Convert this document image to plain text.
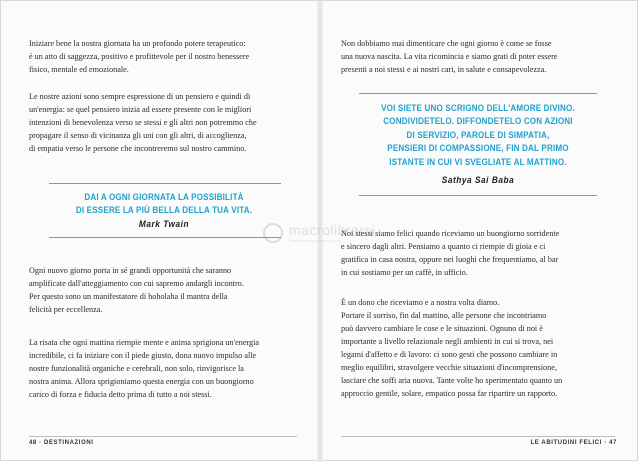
Iniziare bene la nostra giornata ha un profondo potere terapeutico:

è un atto di saggezza, positivo e profittevole per il nostro benessere

fisico, mentale ed emozionale.

Le nostre azioni sono sempre espressione di un pensiero e quindi di

un'energia: se quel pensiero inizia ad essere presente con le migliori

intenzioni di benevolenza verso se stessi e gli altri non potremmo che

propagare il senso di vicinanza gli uni con gli altri, di accoglienza,

di empatia verso le persone che incontreremo sul nostro cammino.

DAI A OGNI GIORNATA LA POSSIBILITÀ
DI ESSERE LA PIÙ BELLA DELLA TUA VITA.
Mark Twain

Ogni nuovo giorno porta in sé grandi opportunità che saranno

amplificate dall'atteggiamento con cui sapremo andargli incontro.

Per questo sono un manifestatore di hoholaha il mantra della

felicità per eccellenza.

La risata che ogni mattina riempie mente e anima sprigiona un'energia

incredibile, ci fa iniziare con il piede giusto, dona nuovo impulso alle

nostre funzionalità organiche e cerebrali, non solo, rinvigorisce la

nostra anima. Allora sprigioniamo questa energia con un buongiorno

carico di forza e fiducia detto prima di tutto a noi stessi.

48 · DESTINAZIONI

Non dobbiamo mai dimenticare che ogni giorno è come se fosse

una nuova nascita. La vita ricomincia e siamo grati di poter essere

presenti a noi stessi e ai nostri cari, in salute e consapevolezza.

VOI SIETE UNO SCRIGNO DELL'AMORE DIVINO.
CONDIVIDETELO. DIFFONDETELO CON AZIONI
DI SERVIZIO, PAROLE DI SIMPATIA,
PENSIERI DI COMPASSIONE, FIN DAL PRIMO
ISTANTE IN CUI VI SVEGLIATE AL MATTINO.
Sathya Sai Baba

Noi stessi siamo felici quando riceviamo un buongiorno sorridente

e sincero dagli altri. Pensiamo a quanto ci riempie di gioia e ci

gratifica in casa nostra, oppure nei luoghi che frequentiamo, al bar

in cui sostiamo per un caffè, in ufficio.

È un dono che riceviamo e a nostra volta diamo.

Portare il sorriso, fin dal mattino, alle persone che incontriamo

può davvero cambiare le cose e le situazioni. Ognuno di noi è

importante a livello relazionale negli ambienti in cui si trova, nei

legami d'affetto e di lavoro: ci sono gesti che possono cambiare in

meglio equilibri, stravolgere vecchie situazioni d'incomprensione,

lasciare che soffi aria nuova. Tante volte ho sperimentato quanto un

approccio gentile, solare, empatico possa far ripartire un rapporto.

LE ABITUDINI FELICI · 47
macrolibrarsi
il benessere a portata di click
